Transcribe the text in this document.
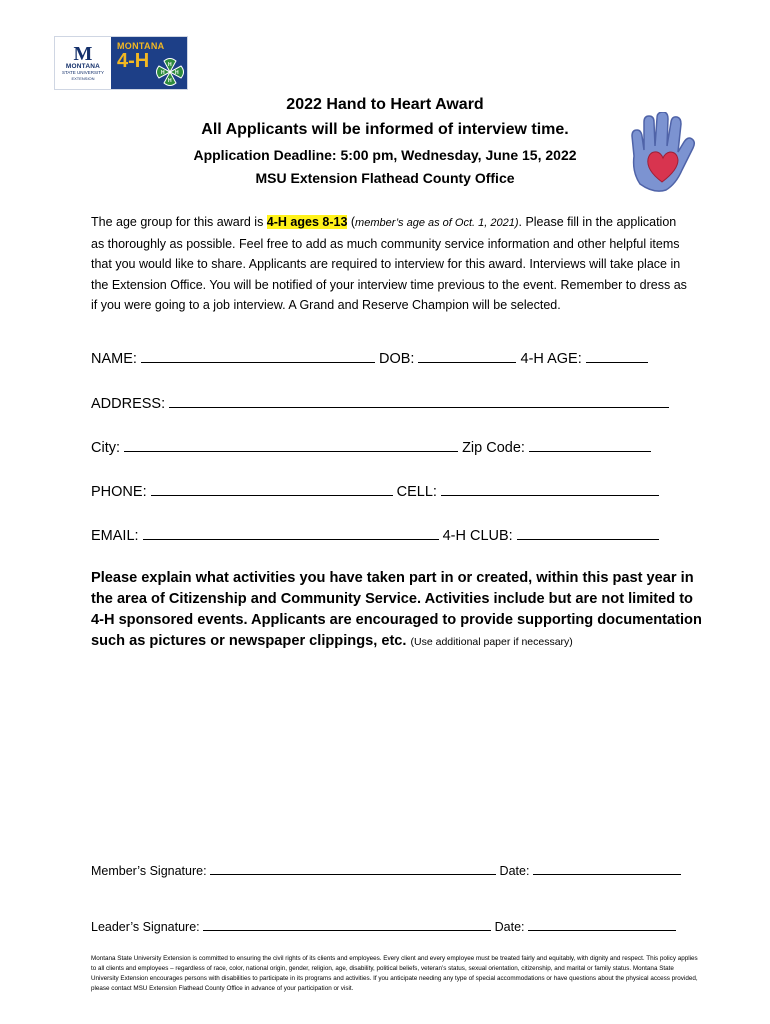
M
MONTANA
STATE UNIVERSITY
EXTENSION
MONTANA
4-H	H
H
H
H
2022 Hand to Heart Award
All Applicants will be informed of interview time.
Application Deadline: 5:00 pm, Wednesday, June 15, 2022
MSU Extension Flathead County Office
The age group for this award is 4-H ages 8-13 (member’s age as of Oct. 1, 2021). Please fill in the application as thoroughly as possible. Feel free to add as much community service information and other helpful items that you would like to share. Applicants are required to interview for this award. Interviews will take place in the Extension Office. You will be notified of your interview time previous to the event. Remember to dress as if you were going to a job interview. A Grand and Reserve Champion will be selected.
NAME:	DOB:	4-H AGE:
ADDRESS:
City:	Zip Code:
PHONE:	CELL:
EMAIL:	4-H CLUB:
Please explain what activities you have taken part in or created, within this past year in the area of Citizenship and Community Service. Activities include but are not limited to 4-H sponsored events. Applicants are encouraged to provide supporting documentation such as pictures or newspaper clippings, etc. (Use additional paper if necessary)
Member’s Signature:	Date:
Leader’s Signature:	Date:
Montana State University Extension is committed to ensuring the civil rights of its clients and employees. Every client and every employee must be treated fairly and equitably, with dignity and respect. This policy applies to all clients and employees – regardless of race, color, national origin, gender, religion, age, disability, political beliefs, veteran’s status, sexual orientation, citizenship, and marital or family status. Montana State University Extension encourages persons with disabilities to participate in its programs and activities. If you anticipate needing any type of special accommodations or have questions about the physical access provided, please contact MSU Extension Flathead County Office in advance of your participation or visit.
